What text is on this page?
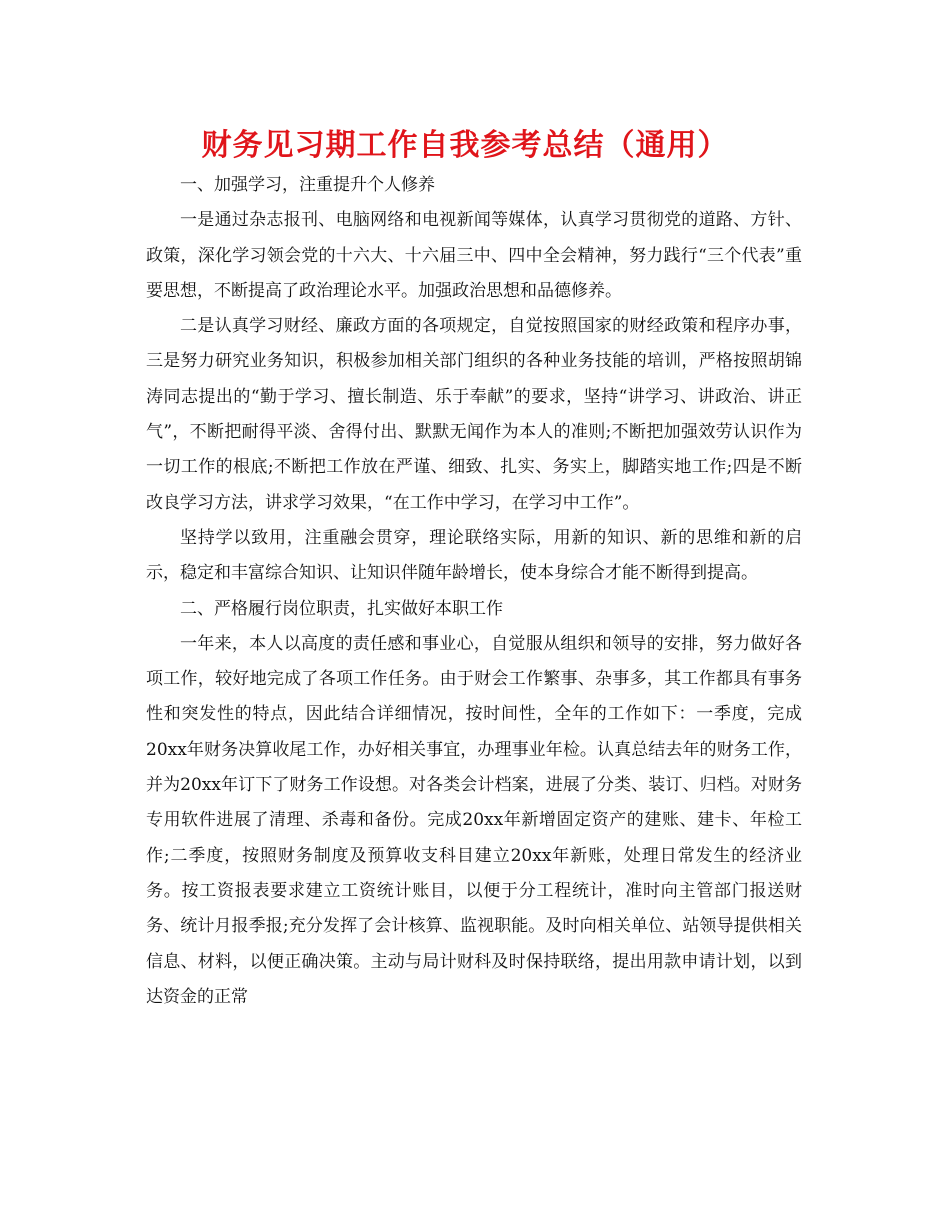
财务见习期工作自我参考总结（通用）

一、加强学习，注重提升个人修养

一是通过杂志报刊、电脑网络和电视新闻等媒体，认真学习贯彻党的道路、方针、政策，深化学习领会党的十六大、十六届三中、四中全会精神，努力践行“三个代表”重要思想，不断提高了政治理论水平。加强政治思想和品德修养。

二是认真学习财经、廉政方面的各项规定，自觉按照国家的财经政策和程序办事，三是努力研究业务知识，积极参加相关部门组织的各种业务技能的培训，严格按照胡锦涛同志提出的“勤于学习、擅长制造、乐于奉献”的要求，坚持“讲学习、讲政治、讲正气”，不断把耐得平淡、舍得付出、默默无闻作为本人的准则;不断把加强效劳认识作为一切工作的根底;不断把工作放在严谨、细致、扎实、务实上，脚踏实地工作;四是不断改良学习方法，讲求学习效果，“在工作中学习，在学习中工作”。

坚持学以致用，注重融会贯穿，理论联络实际，用新的知识、新的思维和新的启示，稳定和丰富综合知识、让知识伴随年龄增长，使本身综合才能不断得到提高。

二、严格履行岗位职责，扎实做好本职工作

一年来，本人以高度的责任感和事业心，自觉服从组织和领导的安排，努力做好各项工作，较好地完成了各项工作任务。由于财会工作繁事、杂事多，其工作都具有事务性和突发性的特点，因此结合详细情况，按时间性，全年的工作如下：一季度，完成20xx年财务决算收尾工作，办好相关事宜，办理事业年检。认真总结去年的财务工作，并为20xx年订下了财务工作设想。对各类会计档案，进展了分类、装订、归档。对财务专用软件进展了清理、杀毒和备份。完成20xx年新增固定资产的建账、建卡、年检工作;二季度，按照财务制度及预算收支科目建立20xx年新账，处理日常发生的经济业务。按工资报表要求建立工资统计账目，以便于分工程统计，准时向主管部门报送财务、统计月报季报;充分发挥了会计核算、监视职能。及时向相关单位、站领导提供相关信息、材料，以便正确决策。主动与局计财科及时保持联络，提出用款申请计划，以到达资金的正常
